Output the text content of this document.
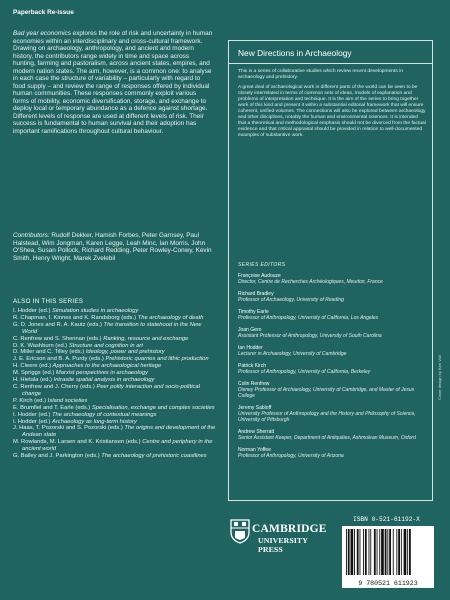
Paperback Re-issue
Bad year economics explores the role of risk and uncertainty in human economies within an interdisciplinary and cross-cultural framework. Drawing on archaeology, anthropology, and ancient and modern history, the contributors range widely in time and space across hunting, farming and pastoralism, across ancient states, empires, and modern nation states. The aim, however, is a common one: to analyse in each case the structure of variability – particularly with regard to food supply – and review the range of responses offered by individual human communities. These responses commonly exploit various forms of mobility, economic diversification, storage, and exchange to deploy local or temporary abundance as a defence against shortage. Different levels of response are used at different levels of risk. Their success is fundamental to human survival and their adoption has important ramifications throughout cultural behaviour.
Contributors: Rudolf Dekker, Hamish Forbes, Peter Garnsey, Paul Halstead, Wim Jongman, Karen Legge, Leah Minc, Ian Morris, John O'Shea, Susan Pollock, Richard Redding, Peter Rowley-Conwy, Kevin Smith, Henry Wright, Marek Zvelebil
ALSO IN THIS SERIES
I. Hodder (ed.) Simulation studies in archaeology
R. Chapman, I. Kinnes and K. Randsborg (eds.) The archaeology of death
G. D. Jones and R. A. Kautz (eds.) The transition to statehood in the New World
C. Renfrew and S. Shennan (eds.) Ranking, resource and exchange
D. K. Washburn (ed.) Structure and cognition in art
D. Miller and C. Tilley (eds.) Ideology, power and prehistory
J. E. Ericson and B. A. Purdy (eds.) Prehistoric quarries and lithic production
H. Cleere (ed.) Approaches to the archaeological heritage
M. Spriggs (ed.) Marxist perspectives in archaeology
H. Hietala (ed.) Intrasite spatial analysis in archaeology
C. Renfrew and J. Cherry (eds.) Peer polity interaction and socio-political change
P. Kirch (ed.) Island societies
E. Brumfiel and T. Earle (eds.) Specialisation, exchange and complex societies
I. Hodder (ed.) The archaeology of contextual meanings
I. Hodder (ed.) Archaeology as long-term history
J. Haas, T. Pozorski and S. Pozorski (eds.) The origins and development of the Andean state
M. Rowlands, M. Larsen and K. Kristiansen (eds.) Centre and periphery in the ancient world
G. Bailey and J. Parkington (eds.) The archaeology of prehistoric coastlines
New Directions in Archaeology

This is a series of collaborative studies which review recent developments in archaeology and prehistory.

A great deal of archaeological work in different parts of the world can be seen to be closely interrelated in terms of common sets of ideas, models of explanation and problems of interpretation and technique. It is the aim of the series to bring together work of this kind and present it within a substantial editorial framework that will ensure coherent, unified volumes. The connections will also be explored between archaeology and other disciplines, notably the human and environmental sciences. It is intended that a theoretical and methodological emphasis should not be divorced from the factual evidence and that critical appraisal should be provided in relation to well-documented examples of substantive work.

SERIES EDITORS
Françoise Audouze
Director, Centre de Recherches Archéologiques, Meudon, France
Richard Bradley
Professor of Archaeology, University of Reading
Timothy Earle
Professor of Anthropology, University of California, Los Angeles
Joan Gero
Assistant Professor of Anthropology, University of South Carolina
Ian Hodder
Lecturer in Archaeology, University of Cambridge
Patrick Kirch
Professor of Anthropology, University of California, Berkeley
Colin Renfrew
Disney Professor of Archaeology, University of Cambridge, and Master of Jesus College
Jeremy Sabloff
University Professor of Anthropology and the History and Philosophy of Science, University of Pittsburgh
Andrew Sherratt
Senior Assistant Keeper, Department of Antiquities, Ashmolean Museum, Oxford
Norman Yoffee
Professor of Anthropology, University of Arizona
Cover design by Ken Vail
CAMBRIDGE
UNIVERSITY PRESS
ISBN 0-521-61192-X
9 780521 611923
